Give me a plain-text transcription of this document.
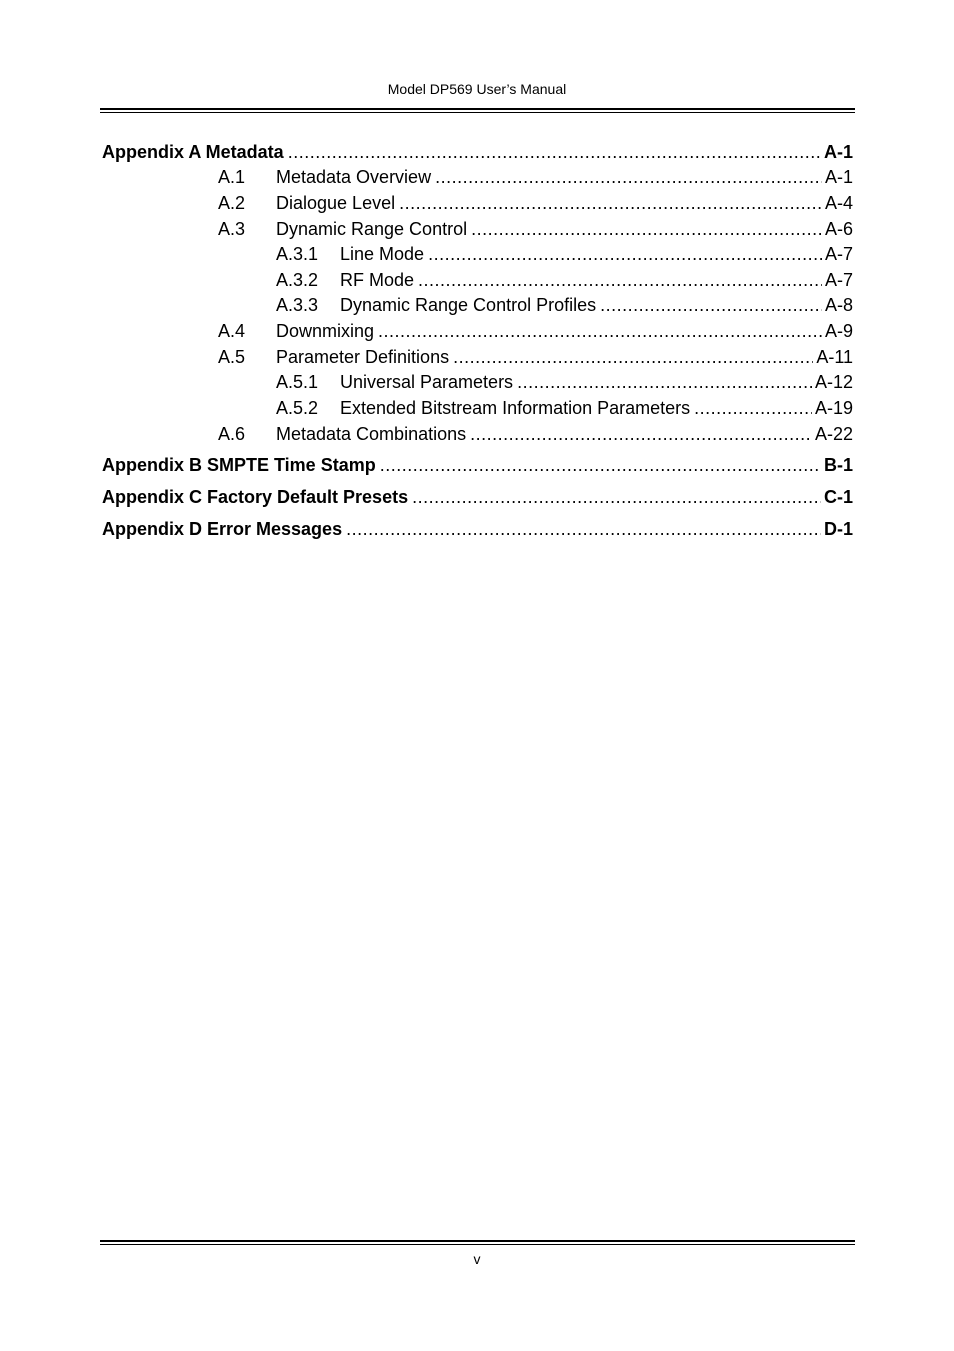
Model DP569 User’s Manual
Appendix A Metadata .....	A-1
A.1 Metadata Overview .....	A-1
A.2 Dialogue Level .....	A-4
A.3 Dynamic Range Control .....	A-6
A.3.1 Line Mode .....	A-7
A.3.2 RF Mode .....	A-7
A.3.3 Dynamic Range Control Profiles .....	A-8
A.4 Downmixing .....	A-9
A.5 Parameter Definitions .....	A-11
A.5.1 Universal Parameters .....	A-12
A.5.2 Extended Bitstream Information Parameters .....	A-19
A.6 Metadata Combinations .....	A-22
Appendix B SMPTE Time Stamp .....	B-1
Appendix C Factory Default Presets .....	C-1
Appendix D Error Messages .....	D-1
v
